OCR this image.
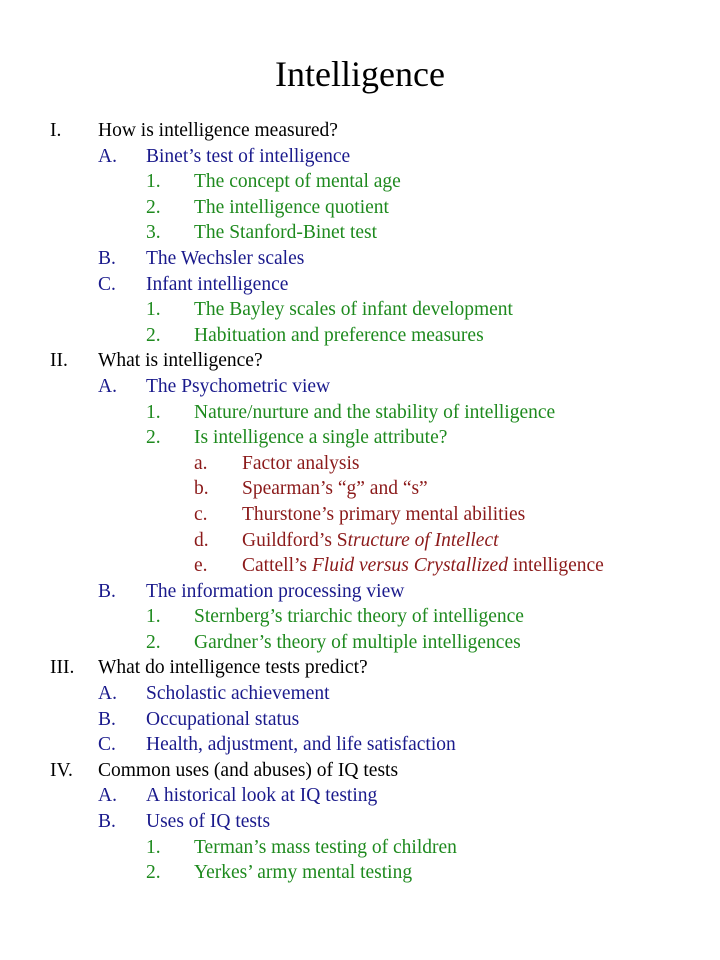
Intelligence
I. How is intelligence measured?
A. Binet’s test of intelligence
1. The concept of mental age
2. The intelligence quotient
3. The Stanford-Binet test
B. The Wechsler scales
C. Infant intelligence
1. The Bayley scales of infant development
2. Habituation and preference measures
II. What is intelligence?
A. The Psychometric view
1. Nature/nurture and the stability of intelligence
2. Is intelligence a single attribute?
a. Factor analysis
b. Spearman’s “g” and “s”
c. Thurstone’s primary mental abilities
d. Guildford’s Structure of Intellect
e. Cattell’s Fluid versus Crystallized intelligence
B. The information processing view
1. Sternberg’s triarchic theory of intelligence
2. Gardner’s theory of multiple intelligences
III. What do intelligence tests predict?
A. Scholastic achievement
B. Occupational status
C. Health, adjustment, and life satisfaction
IV. Common uses (and abuses) of IQ tests
A. A historical look at IQ testing
B. Uses of IQ tests
1. Terman’s mass testing of children
2. Yerkes’ army mental testing
